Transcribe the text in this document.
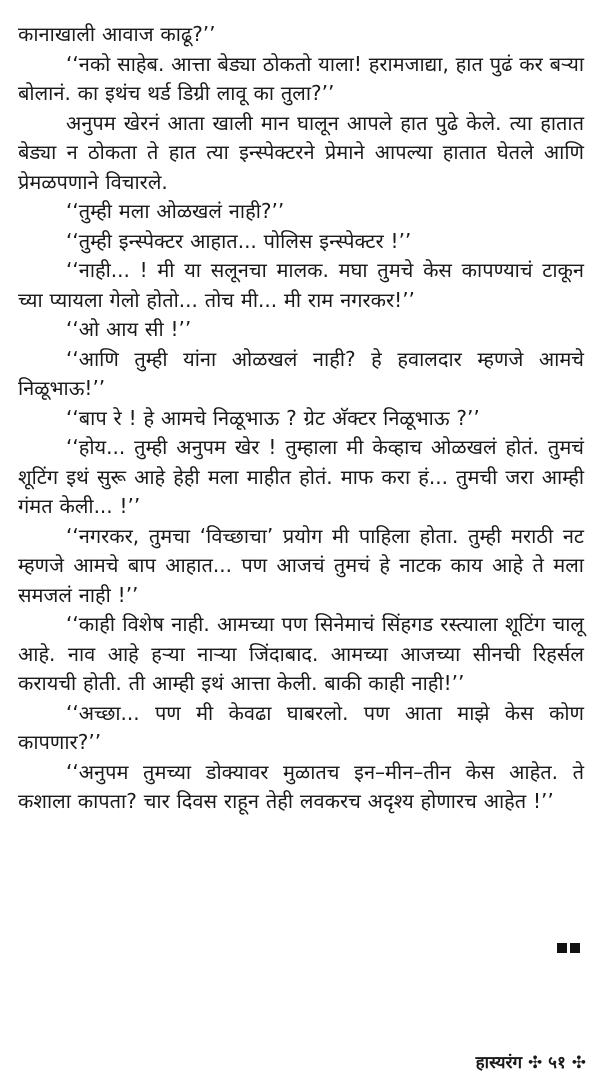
कानाखाली आवाज काढू?’’

‘‘नको साहेब. आत्ता बेड्या ठोकतो याला! हरामजाद्या, हात पुढं कर बऱ्या बोलानं. का इथंच थर्ड डिग्री लावू का तुला?’’

अनुपम खेरनं आता खाली मान घालून आपले हात पुढे केले. त्या हातात बेड्या न ठोकता ते हात त्या इन्स्पेक्टरने प्रेमाने आपल्या हातात घेतले आणि प्रेमळपणाने विचारले.

‘‘तुम्ही मला ओळखलं नाही?’’

‘‘तुम्ही इन्स्पेक्टर आहात... पोलिस इन्स्पेक्टर !’’

‘‘नाही... ! मी या सलूनचा मालक. मघा तुमचे केस कापण्याचं टाकून च्या प्यायला गेलो होतो... तोच मी... मी राम नगरकर!’’

‘‘ओ आय सी !’’

‘‘आणि तुम्ही यांना ओळखलं नाही? हे हवालदार म्हणजे आमचे निळूभाऊ!’’

‘‘बाप रे ! हे आमचे निळूभाऊ ? ग्रेट अ‍ॅक्टर निळूभाऊ ?’’

‘‘होय... तुम्ही अनुपम खेर ! तुम्हाला मी केव्हाच ओळखलं होतं. तुमचं शूटिंग इथं सुरू आहे हेही मला माहीत होतं. माफ करा हं... तुमची जरा आम्ही गंमत केली... !’’

‘‘नगरकर, तुमचा ‘विच्छाचा’ प्रयोग मी पाहिला होता. तुम्ही मराठी नट म्हणजे आमचे बाप आहात... पण आजचं तुमचं हे नाटक काय आहे ते मला समजलं नाही !’’

‘‘काही विशेष नाही. आमच्या पण सिनेमाचं सिंहगड रस्त्याला शूटिंग चालू आहे. नाव आहे हऱ्या नाऱ्या जिंदाबाद. आमच्या आजच्या सीनची रिहर्सल करायची होती. ती आम्ही इथं आत्ता केली. बाकी काही नाही!’’

‘‘अच्छा... पण मी केवढा घाबरलो. पण आता माझे केस कोण कापणार?’’

‘‘अनुपम तुमच्या डोक्यावर मुळातच इन–मीन–तीन केस आहेत. ते कशाला कापता? चार दिवस राहून तेही लवकरच अदृश्य होणारच आहेत !’’

हास्यरंग ✣ ५१ ✣
